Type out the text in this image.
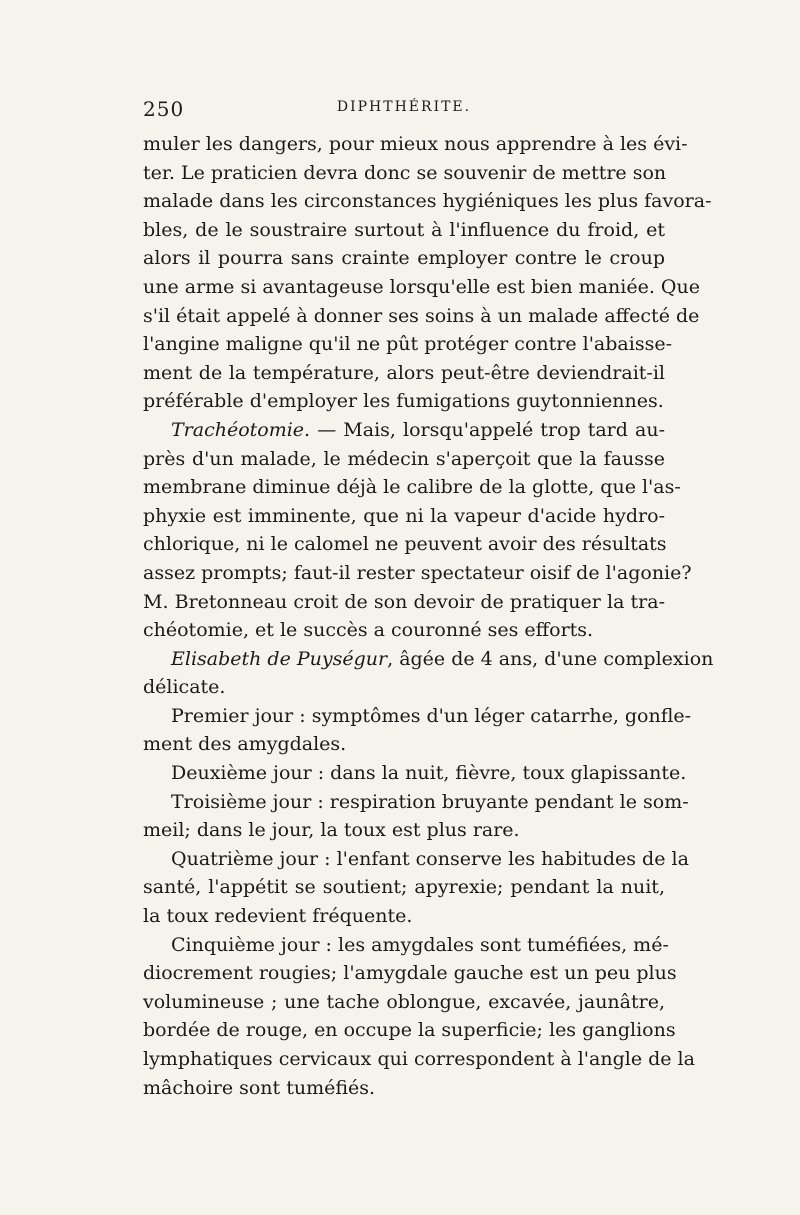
250	DIPHTHÉRITE.
muler les dangers, pour mieux nous apprendre à les évi-
ter. Le praticien devra donc se souvenir de mettre son
malade dans les circonstances hygiéniques les plus favora-
bles, de le soustraire surtout à l'influence du froid, et
alors il pourra sans crainte employer contre le croup
une arme si avantageuse lorsqu'elle est bien maniée. Que
s'il était appelé à donner ses soins à un malade affecté de
l'angine maligne qu'il ne pût protéger contre l'abaisse-
ment de la température, alors peut-être deviendrait-il
préférable d'employer les fumigations guytonniennes.
Trachéotomie. — Mais, lorsqu'appelé trop tard au-
près d'un malade, le médecin s'aperçoit que la fausse
membrane diminue déjà le calibre de la glotte, que l'as-
phyxie est imminente, que ni la vapeur d'acide hydro-
chlorique, ni le calomel ne peuvent avoir des résultats
assez prompts; faut-il rester spectateur oisif de l'agonie?
M. Bretonneau croit de son devoir de pratiquer la tra-
chéotomie, et le succès a couronné ses efforts.
Elisabeth de Puységur, âgée de 4 ans, d'une complexion
délicate.
Premier jour : symptômes d'un léger catarrhe, gonfle-
ment des amygdales.
Deuxième jour : dans la nuit, fièvre, toux glapissante.
Troisième jour : respiration bruyante pendant le som-
meil; dans le jour, la toux est plus rare.
Quatrième jour : l'enfant conserve les habitudes de la
santé, l'appétit se soutient; apyrexie; pendant la nuit,
la toux redevient fréquente.
Cinquième jour : les amygdales sont tuméfiées, mé-
diocrement rougies; l'amygdale gauche est un peu plus
volumineuse ; une tache oblongue, excavée, jaunâtre,
bordée de rouge, en occupe la superficie; les ganglions
lymphatiques cervicaux qui correspondent à l'angle de la
mâchoire sont tuméfiés.
